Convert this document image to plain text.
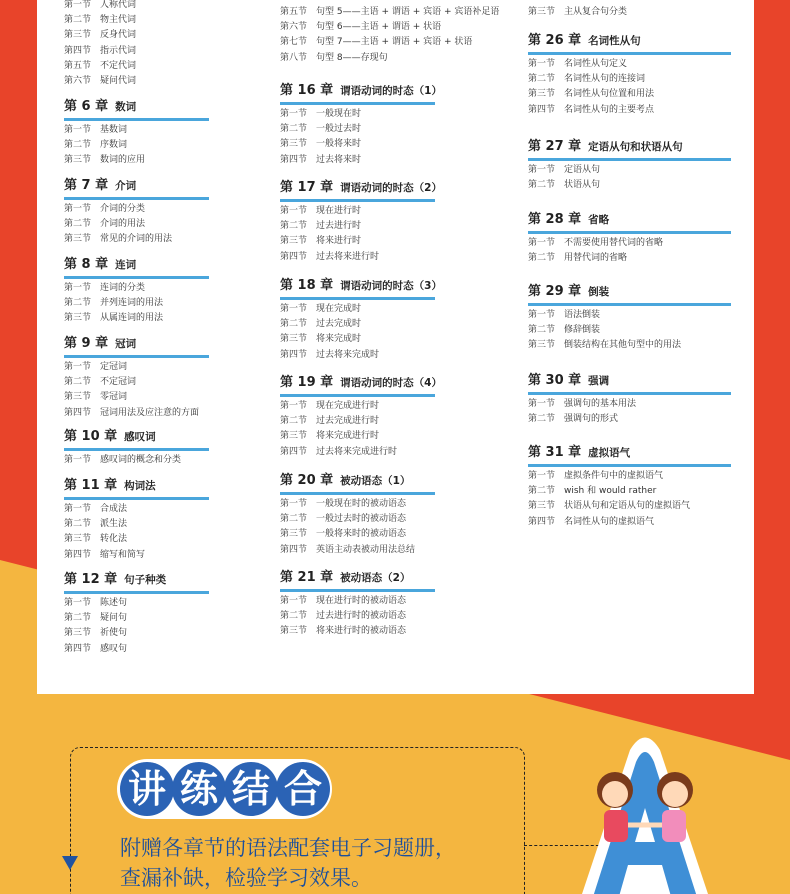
第一节 人称代词
第二节 物主代词
第三节 反身代词
第四节 指示代词
第五节 不定代词
第六节 疑问代词
第 6 章 数词
第一节 基数词
第二节 序数词
第三节 数词的应用
第 7 章 介词
第一节 介词的分类
第二节 介词的用法
第三节 常见的介词的用法
第 8 章 连词
第一节 连词的分类
第二节 并列连词的用法
第三节 从属连词的用法
第 9 章 冠词
第一节 定冠词
第二节 不定冠词
第三节 零冠词
第四节 冠词用法及应注意的方面
第 10 章 感叹词
第一节 感叹词的概念和分类
第 11 章 构词法
第一节 合成法
第二节 派生法
第三节 转化法
第四节 缩写和简写
第 12 章 句子种类
第一节 陈述句
第二节 疑问句
第三节 祈使句
第四节 感叹句
第五节 句型 5——主语 + 谓语 + 宾语 + 宾语补足语
第六节 句型 6——主语 + 谓语 + 状语
第七节 句型 7——主语 + 谓语 + 宾语 + 状语
第八节 句型 8——存现句
第 16 章 谓语动词的时态（1）
第一节 一般现在时
第二节 一般过去时
第三节 一般将来时
第四节 过去将来时
第 17 章 谓语动词的时态（2）
第一节 现在进行时
第二节 过去进行时
第三节 将来进行时
第四节 过去将来进行时
第 18 章 谓语动词的时态（3）
第一节 现在完成时
第二节 过去完成时
第三节 将来完成时
第四节 过去将来完成时
第 19 章 谓语动词的时态（4）
第一节 现在完成进行时
第二节 过去完成进行时
第三节 将来完成进行时
第四节 过去将来完成进行时
第 20 章 被动语态（1）
第一节 一般现在时的被动语态
第二节 一般过去时的被动语态
第三节 一般将来时的被动语态
第四节 英语主动表被动用法总结
第 21 章 被动语态（2）
第一节 现在进行时的被动语态
第二节 过去进行时的被动语态
第三节 将来进行时的被动语态
第三节 主从复合句分类
第 26 章 名词性从句
第一节 名词性从句定义
第二节 名词性从句的连接词
第三节 名词性从句位置和用法
第四节 名词性从句的主要考点
第 27 章 定语从句和状语从句
第一节 定语从句
第二节 状语从句
第 28 章 省略
第一节 不需要使用替代词的省略
第二节 用替代词的省略
第 29 章 倒装
第一节 语法倒装
第二节 修辞倒装
第三节 倒装结构在其他句型中的用法
第 30 章 强调
第一节 强调句的基本用法
第二节 强调句的形式
第 31 章 虚拟语气
第一节 虚拟条件句中的虚拟语气
第二节 wish 和 would rather
第三节 状语从句和定语从句的虚拟语气
第四节 名词性从句的虚拟语气
讲 练 结 合
附赠各章节的语法配套电子习题册，
查漏补缺，检验学习效果。
